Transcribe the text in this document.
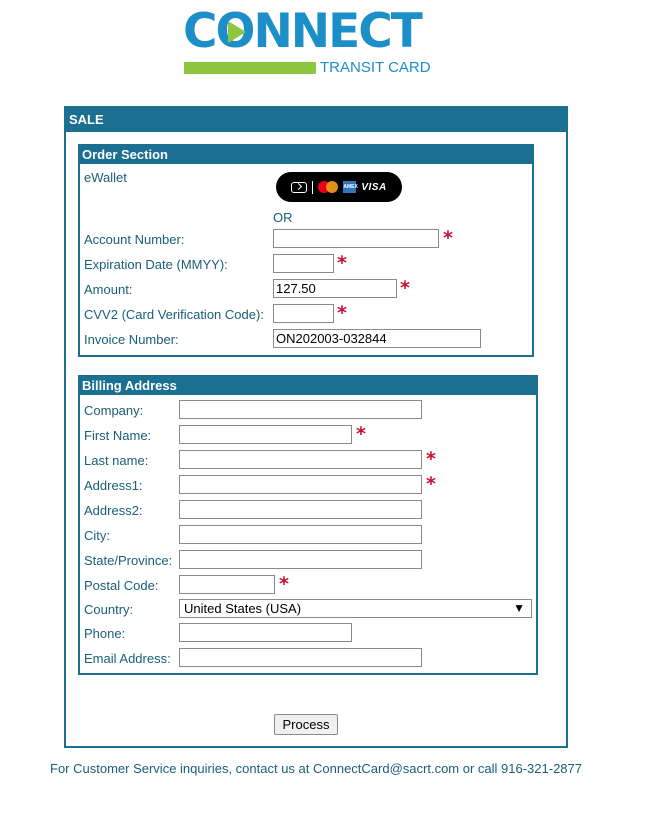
CO
NNECT
TRANSIT CARD
SALE
Order Section
eWallet
AMEX VISA
OR
Account Number:	*
Expiration Date (MMYY):	*
Amount:
127.50	*
CVV2 (Card Verification Code):	*
Invoice Number:
ON202003-032844
Billing Address
Company:
First Name:	*
Last name:	*
Address1:	*
Address2:
City:
State/Province:
Postal Code:	*
Country:	United States (USA)	▼
Phone:
Email Address:
Process
For Customer Service inquiries, contact us at ConnectCard@sacrt.com or call 916-321-2877
